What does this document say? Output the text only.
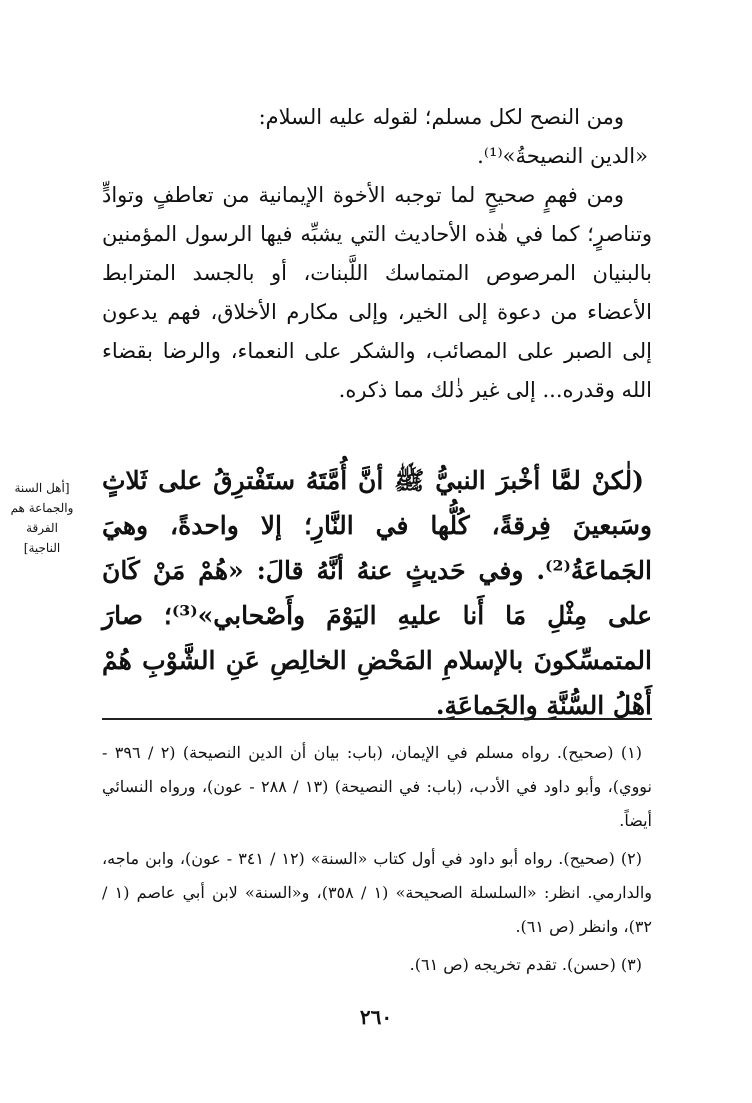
ومن النصح لكل مسلم؛ لقوله عليه السلام:

«الدين النصيحةُ»⁽¹⁾.

ومن فهمٍ صحيحٍ لما توجبه الأخوة الإيمانية من تعاطفٍ وتوادٍّ وتناصرٍ؛ كما في هٰذه الأحاديث التي يشبِّه فيها الرسول المؤمنين بالبنيان المرصوص المتماسك اللَّبنات، أو بالجسد المترابط الأعضاء من دعوة إلى الخير، وإلى مكارم الأخلاق، فهم يدعون إلى الصبر على المصائب، والشكر على النعماء، والرضا بقضاء الله وقدره... إلى غير ذٰلك مما ذكره.

[أهل السنة
والجماعة هم الفرقة
الناجية]

(لٰكنْ لمَّا أخْبرَ النبيُّ ﷺ أنَّ أُمَّتَهُ ستَفْترِقُ على ثَلاثٍ وسَبعينَ فِرقةً، كُلُّها في النَّارِ؛ إلا واحدةً، وهيَ الجَماعَةُ⁽²⁾. وفي حَديثٍ عنهُ أنَّهُ قالَ: «هُمْ مَنْ كَانَ على مِثْلِ مَا أَنا عليهِ اليَوْمَ وأَصْحابي»⁽³⁾؛ صارَ المتمسِّكونَ بالإسلامِ المَحْضِ الخالِصِ عَنِ الشَّوْبِ هُمْ أَهْلُ السُّنَّةِ والجَماعَةِ.

(١) (صحيح). رواه مسلم في الإيمان، (باب: بيان أن الدين النصيحة) (٢ / ٣٩٦ - نووي)، وأبو داود في الأدب، (باب: في النصيحة) (١٣ / ٢٨٨ - عون)، ورواه النسائي أيضاً.

(٢) (صحيح). رواه أبو داود في أول كتاب «السنة» (١٢ / ٣٤١ - عون)، وابن ماجه، والدارمي. انظر: «السلسلة الصحيحة» (١ / ٣٥٨)، و«السنة» لابن أبي عاصم (١ / ٣٢)، وانظر (ص ٦١).

(٣) (حسن). تقدم تخريجه (ص ٦١).

٢٦٠
